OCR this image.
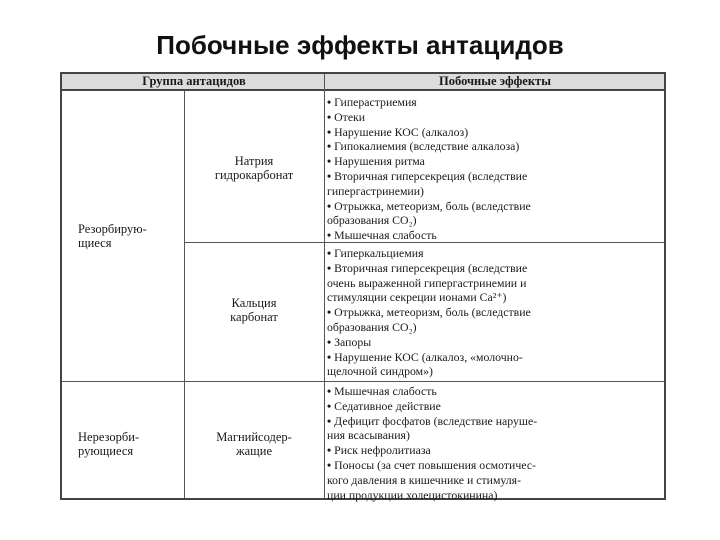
Побочные эффекты антацидов
Группа антацидов	Побочные эффекты
Резорбирую-
щиеся
Натрия
гидрокарбонат
• Гиперастриемия
• Отеки
• Нарушение КОС (алкалоз)
• Гипокалиемия (вследствие алкалоза)
• Нарушения ритма
• Вторичная гиперсекреция (вследствие
гипергастринемии)
• Отрыжка, метеоризм, боль (вследствие
образования CO₂)
• Мышечная слабость
Кальция
карбонат
• Гиперкальциемия
• Вторичная гиперсекреция (вследствие
очень выраженной гипергастринемии и
стимуляции секреции ионами Ca²⁺)
• Отрыжка, метеоризм, боль (вследствие
образования CO₂)
• Запоры
• Нарушение КОС (алкалоз, «молочно-
щелочной синдром»)
Нерезорби-
рующиеся
Магнийсодер-
жащие
• Мышечная слабость
• Седативное действие
• Дефицит фосфатов (вследствие наруше-
ния всасывания)
• Риск нефролитиаза
• Поносы (за счет повышения осмотичес-
кого давления в кишечнике и стимуля-
ции продукции холецистокинина)
